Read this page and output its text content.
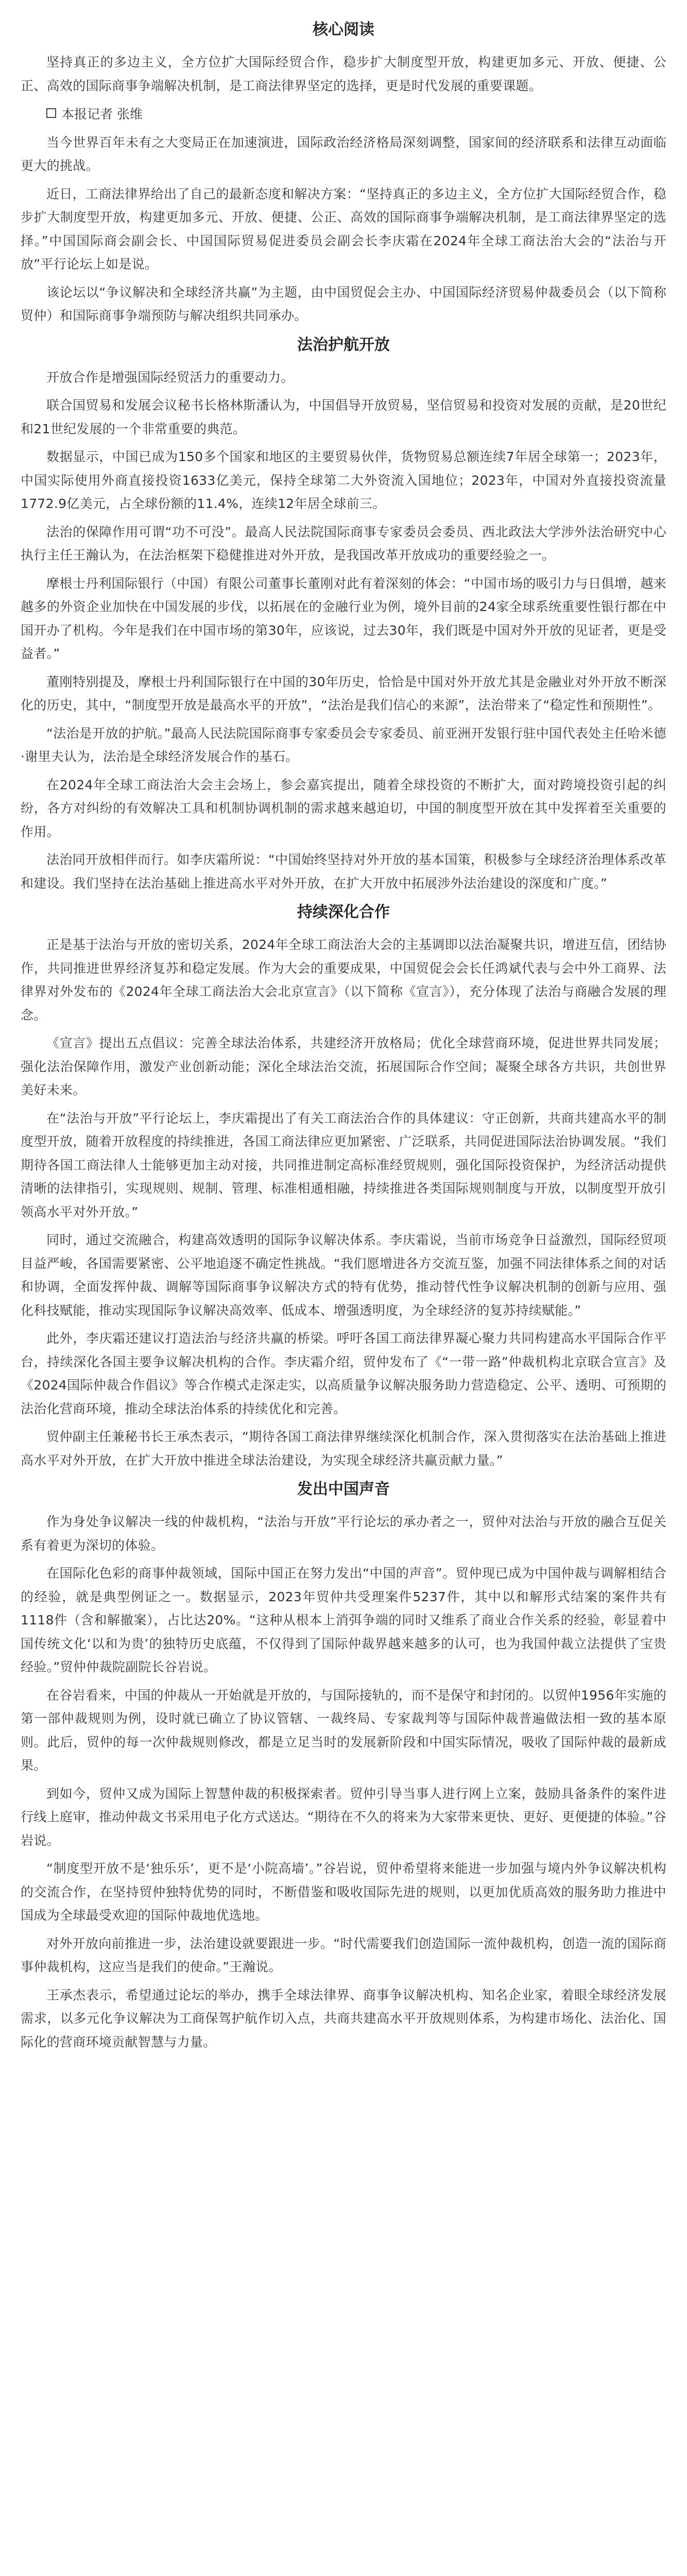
核心阅读

坚持真正的多边主义，全方位扩大国际经贸合作，稳步扩大制度型开放，构建更加多元、开放、便捷、公正、高效的国际商事争端解决机制，是工商法律界坚定的选择，更是时代发展的重要课题。

本报记者 张维

当今世界百年未有之大变局正在加速演进，国际政治经济格局深刻调整，国家间的经济联系和法律互动面临更大的挑战。

近日，工商法律界给出了自己的最新态度和解决方案：“坚持真正的多边主义，全方位扩大国际经贸合作，稳步扩大制度型开放，构建更加多元、开放、便捷、公正、高效的国际商事争端解决机制，是工商法律界坚定的选择。”中国国际商会副会长、中国国际贸易促进委员会副会长李庆霜在2024年全球工商法治大会的“法治与开放”平行论坛上如是说。

该论坛以“争议解决和全球经济共赢”为主题，由中国贸促会主办、中国国际经济贸易仲裁委员会（以下简称贸仲）和国际商事争端预防与解决组织共同承办。

法治护航开放

开放合作是增强国际经贸活力的重要动力。

联合国贸易和发展会议秘书长格林斯潘认为，中国倡导开放贸易，坚信贸易和投资对发展的贡献，是20世纪和21世纪发展的一个非常重要的典范。

数据显示，中国已成为150多个国家和地区的主要贸易伙伴，货物贸易总额连续7年居全球第一；2023年，中国实际使用外商直接投资1633亿美元，保持全球第二大外资流入国地位；2023年，中国对外直接投资流量1772.9亿美元，占全球份额的11.4%，连续12年居全球前三。

法治的保障作用可谓“功不可没”。最高人民法院国际商事专家委员会委员、西北政法大学涉外法治研究中心执行主任王瀚认为，在法治框架下稳健推进对外开放，是我国改革开放成功的重要经验之一。

摩根士丹利国际银行（中国）有限公司董事长董刚对此有着深刻的体会：“中国市场的吸引力与日俱增，越来越多的外资企业加快在中国发展的步伐，以拓展在的金融行业为例，境外目前的24家全球系统重要性银行都在中国开办了机构。今年是我们在中国市场的第30年，应该说，过去30年，我们既是中国对外开放的见证者，更是受益者。”

董刚特别提及，摩根士丹利国际银行在中国的30年历史，恰恰是中国对外开放尤其是金融业对外开放不断深化的历史，其中，“制度型开放是最高水平的开放”，“法治是我们信心的来源”，法治带来了“稳定性和预期性”。

“法治是开放的护航。”最高人民法院国际商事专家委员会专家委员、前亚洲开发银行驻中国代表处主任哈米德·谢里夫认为，法治是全球经济发展合作的基石。

在2024年全球工商法治大会主会场上，参会嘉宾提出，随着全球投资的不断扩大，面对跨境投资引起的纠纷，各方对纠纷的有效解决工具和机制协调机制的需求越来越迫切，中国的制度型开放在其中发挥着至关重要的作用。

法治同开放相伴而行。如李庆霜所说：“中国始终坚持对外开放的基本国策，积极参与全球经济治理体系改革和建设。我们坚持在法治基础上推进高水平对外开放，在扩大开放中拓展涉外法治建设的深度和广度。”

持续深化合作

正是基于法治与开放的密切关系，2024年全球工商法治大会的主基调即以法治凝聚共识，增进互信，团结协作，共同推进世界经济复苏和稳定发展。作为大会的重要成果，中国贸促会会长任鸿斌代表与会中外工商界、法律界对外发布的《2024年全球工商法治大会北京宣言》（以下简称《宣言》），充分体现了法治与商融合发展的理念。

《宣言》提出五点倡议：完善全球法治体系，共建经济开放格局；优化全球营商环境，促进世界共同发展；强化法治保障作用，激发产业创新动能；深化全球法治交流，拓展国际合作空间；凝聚全球各方共识，共创世界美好未来。

在“法治与开放”平行论坛上，李庆霜提出了有关工商法治合作的具体建议：守正创新，共商共建高水平的制度型开放，随着开放程度的持续推进，各国工商法律应更加紧密、广泛联系，共同促进国际法治协调发展。“我们期待各国工商法律人士能够更加主动对接，共同推进制定高标准经贸规则，强化国际投资保护，为经济活动提供清晰的法律指引，实现规则、规制、管理、标准相通相融，持续推进各类国际规则制度与开放，以制度型开放引领高水平对外开放。”

同时，通过交流融合，构建高效透明的国际争议解决体系。李庆霜说，当前市场竞争日益激烈，国际经贸项目益严峻，各国需要紧密、公平地追逐不确定性挑战。“我们愿增进各方交流互鉴，加强不同法律体系之间的对话和协调，全面发挥仲裁、调解等国际商事争议解决方式的特有优势，推动替代性争议解决机制的创新与应用、强化科技赋能，推动实现国际争议解决高效率、低成本、增强透明度，为全球经济的复苏持续赋能。”

此外，李庆霜还建议打造法治与经济共赢的桥梁。呼吁各国工商法律界凝心聚力共同构建高水平国际合作平台，持续深化各国主要争议解决机构的合作。李庆霜介绍，贸仲发布了《“一带一路”仲裁机构北京联合宣言》及《2024国际仲裁合作倡议》等合作模式走深走实，以高质量争议解决服务助力营造稳定、公平、透明、可预期的法治化营商环境，推动全球法治体系的持续优化和完善。

贸仲副主任兼秘书长王承杰表示，“期待各国工商法律界继续深化机制合作，深入贯彻落实在法治基础上推进高水平对外开放，在扩大开放中推进全球法治建设，为实现全球经济共赢贡献力量。”

发出中国声音

作为身处争议解决一线的仲裁机构，“法治与开放”平行论坛的承办者之一，贸仲对法治与开放的融合互促关系有着更为深切的体验。

在国际化色彩的商事仲裁领域，国际中国正在努力发出“中国的声音”。贸仲现已成为中国仲裁与调解相结合的经验，就是典型例证之一。数据显示，2023年贸仲共受理案件5237件，其中以和解形式结案的案件共有1118件（含和解撤案），占比达20%。“这种从根本上消弭争端的同时又维系了商业合作关系的经验，彰显着中国传统文化‘以和为贵’的独特历史底蕴，不仅得到了国际仲裁界越来越多的认可，也为我国仲裁立法提供了宝贵经验。”贸仲仲裁院副院长谷岩说。

在谷岩看来，中国的仲裁从一开始就是开放的，与国际接轨的，而不是保守和封闭的。以贸仲1956年实施的第一部仲裁规则为例，设时就已确立了协议管辖、一裁终局、专家裁判等与国际仲裁普遍做法相一致的基本原则。此后，贸仲的每一次仲裁规则修改，都是立足当时的发展新阶段和中国实际情况，吸收了国际仲裁的最新成果。

到如今，贸仲又成为国际上智慧仲裁的积极探索者。贸仲引导当事人进行网上立案，鼓励具备条件的案件进行线上庭审，推动仲裁文书采用电子化方式送达。“期待在不久的将来为大家带来更快、更好、更便捷的体验。”谷岩说。

“制度型开放不是‘独乐乐’，更不是‘小院高墙’。”谷岩说，贸仲希望将来能进一步加强与境内外争议解决机构的交流合作，在坚持贸仲独特优势的同时，不断借鉴和吸收国际先进的规则，以更加优质高效的服务助力推进中国成为全球最受欢迎的国际仲裁地优选地。

对外开放向前推进一步，法治建设就要跟进一步。“时代需要我们创造国际一流仲裁机构，创造一流的国际商事仲裁机构，这应当是我们的使命。”王瀚说。

王承杰表示，希望通过论坛的举办，携手全球法律界、商事争议解决机构、知名企业家，着眼全球经济发展需求，以多元化争议解决为工商保驾护航作切入点，共商共建高水平开放规则体系，为构建市场化、法治化、国际化的营商环境贡献智慧与力量。
